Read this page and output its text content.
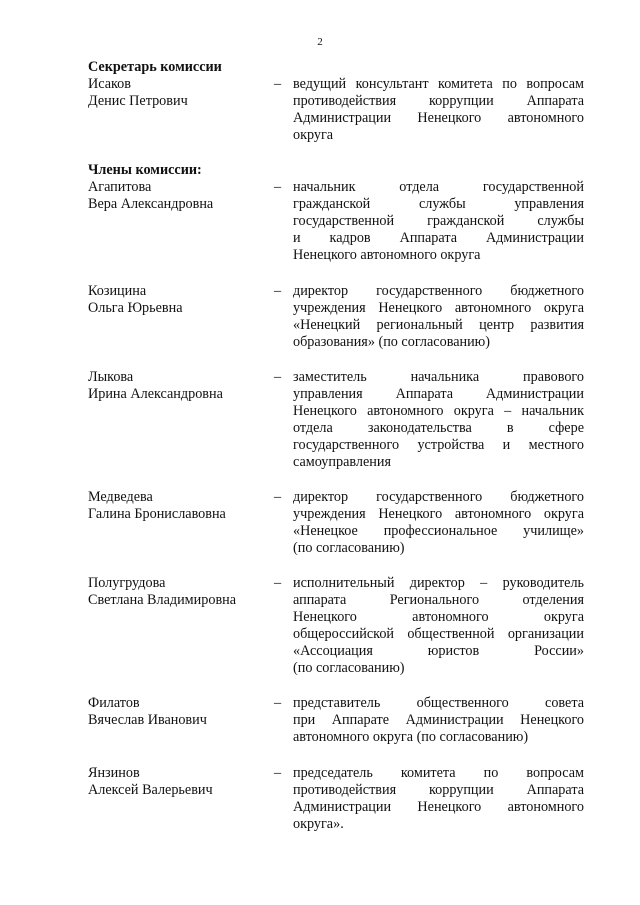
2
Секретарь комиссии
Исаков
Денис Петрович
– ведущий консультант комитета по вопросам
противодействия коррупции Аппарата
Администрации Ненецкого автономного
округа
Члены комиссии:
Агапитова
Вера Александровна
– начальник отдела государственной
гражданской службы управления
государственной гражданской службы
и кадров Аппарата Администрации
Ненецкого автономного округа
Козицина
Ольга Юрьевна
– директор государственного бюджетного
учреждения Ненецкого автономного округа
«Ненецкий региональный центр развития
образования» (по согласованию)
Лыкова
Ирина Александровна
– заместитель начальника правового
управления Аппарата Администрации
Ненецкого автономного округа – начальник
отдела законодательства в сфере
государственного устройства и местного
самоуправления
Медведева
Галина Брониславовна
– директор государственного бюджетного
учреждения Ненецкого автономного округа
«Ненецкое профессиональное училище»
(по согласованию)
Полугрудова
Светлана Владимировна
– исполнительный директор – руководитель
аппарата Регионального отделения
Ненецкого автономного округа
общероссийской общественной организации
«Ассоциация юристов России»
(по согласованию)
Филатов
Вячеслав Иванович
– представитель общественного совета
при Аппарате Администрации Ненецкого
автономного округа (по согласованию)
Янзинов
Алексей Валерьевич
– председатель комитета по вопросам
противодействия коррупции Аппарата
Администрации Ненецкого автономного
округа».
